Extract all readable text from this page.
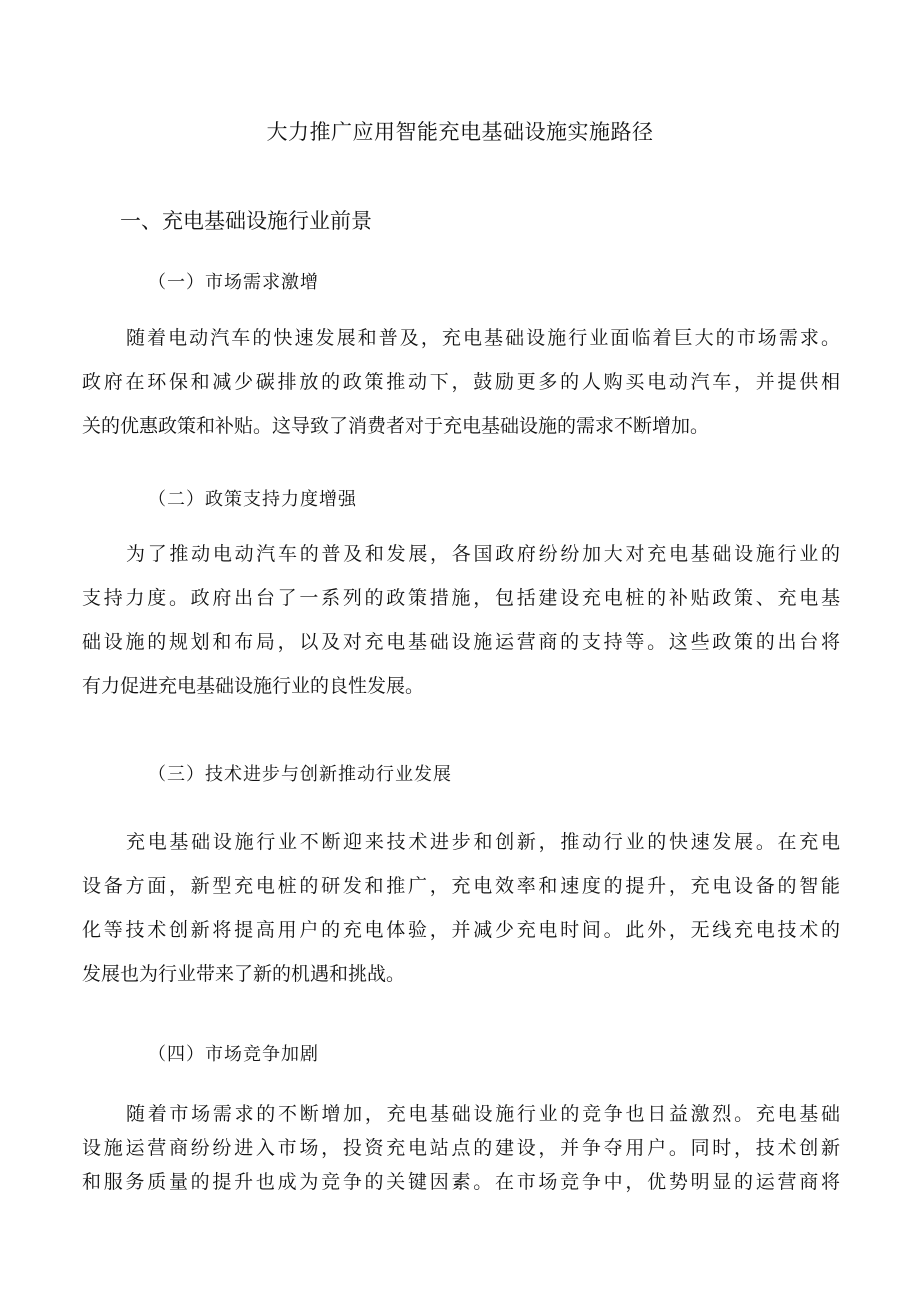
大力推广应用智能充电基础设施实施路径
一、充电基础设施行业前景
（一）市场需求激增
随着电动汽车的快速发展和普及，充电基础设施行业面临着巨大的市场需求。
政府在环保和减少碳排放的政策推动下，鼓励更多的人购买电动汽车，并提供相
关的优惠政策和补贴。这导致了消费者对于充电基础设施的需求不断增加。
（二）政策支持力度增强
为了推动电动汽车的普及和发展，各国政府纷纷加大对充电基础设施行业的
支持力度。政府出台了一系列的政策措施，包括建设充电桩的补贴政策、充电基
础设施的规划和布局，以及对充电基础设施运营商的支持等。这些政策的出台将
有力促进充电基础设施行业的良性发展。
（三）技术进步与创新推动行业发展
充电基础设施行业不断迎来技术进步和创新，推动行业的快速发展。在充电
设备方面，新型充电桩的研发和推广，充电效率和速度的提升，充电设备的智能
化等技术创新将提高用户的充电体验，并减少充电时间。此外，无线充电技术的
发展也为行业带来了新的机遇和挑战。
（四）市场竞争加剧
随着市场需求的不断增加，充电基础设施行业的竞争也日益激烈。充电基础
设施运营商纷纷进入市场，投资充电站点的建设，并争夺用户。同时，技术创新
和服务质量的提升也成为竞争的关键因素。在市场竞争中，优势明显的运营商将
